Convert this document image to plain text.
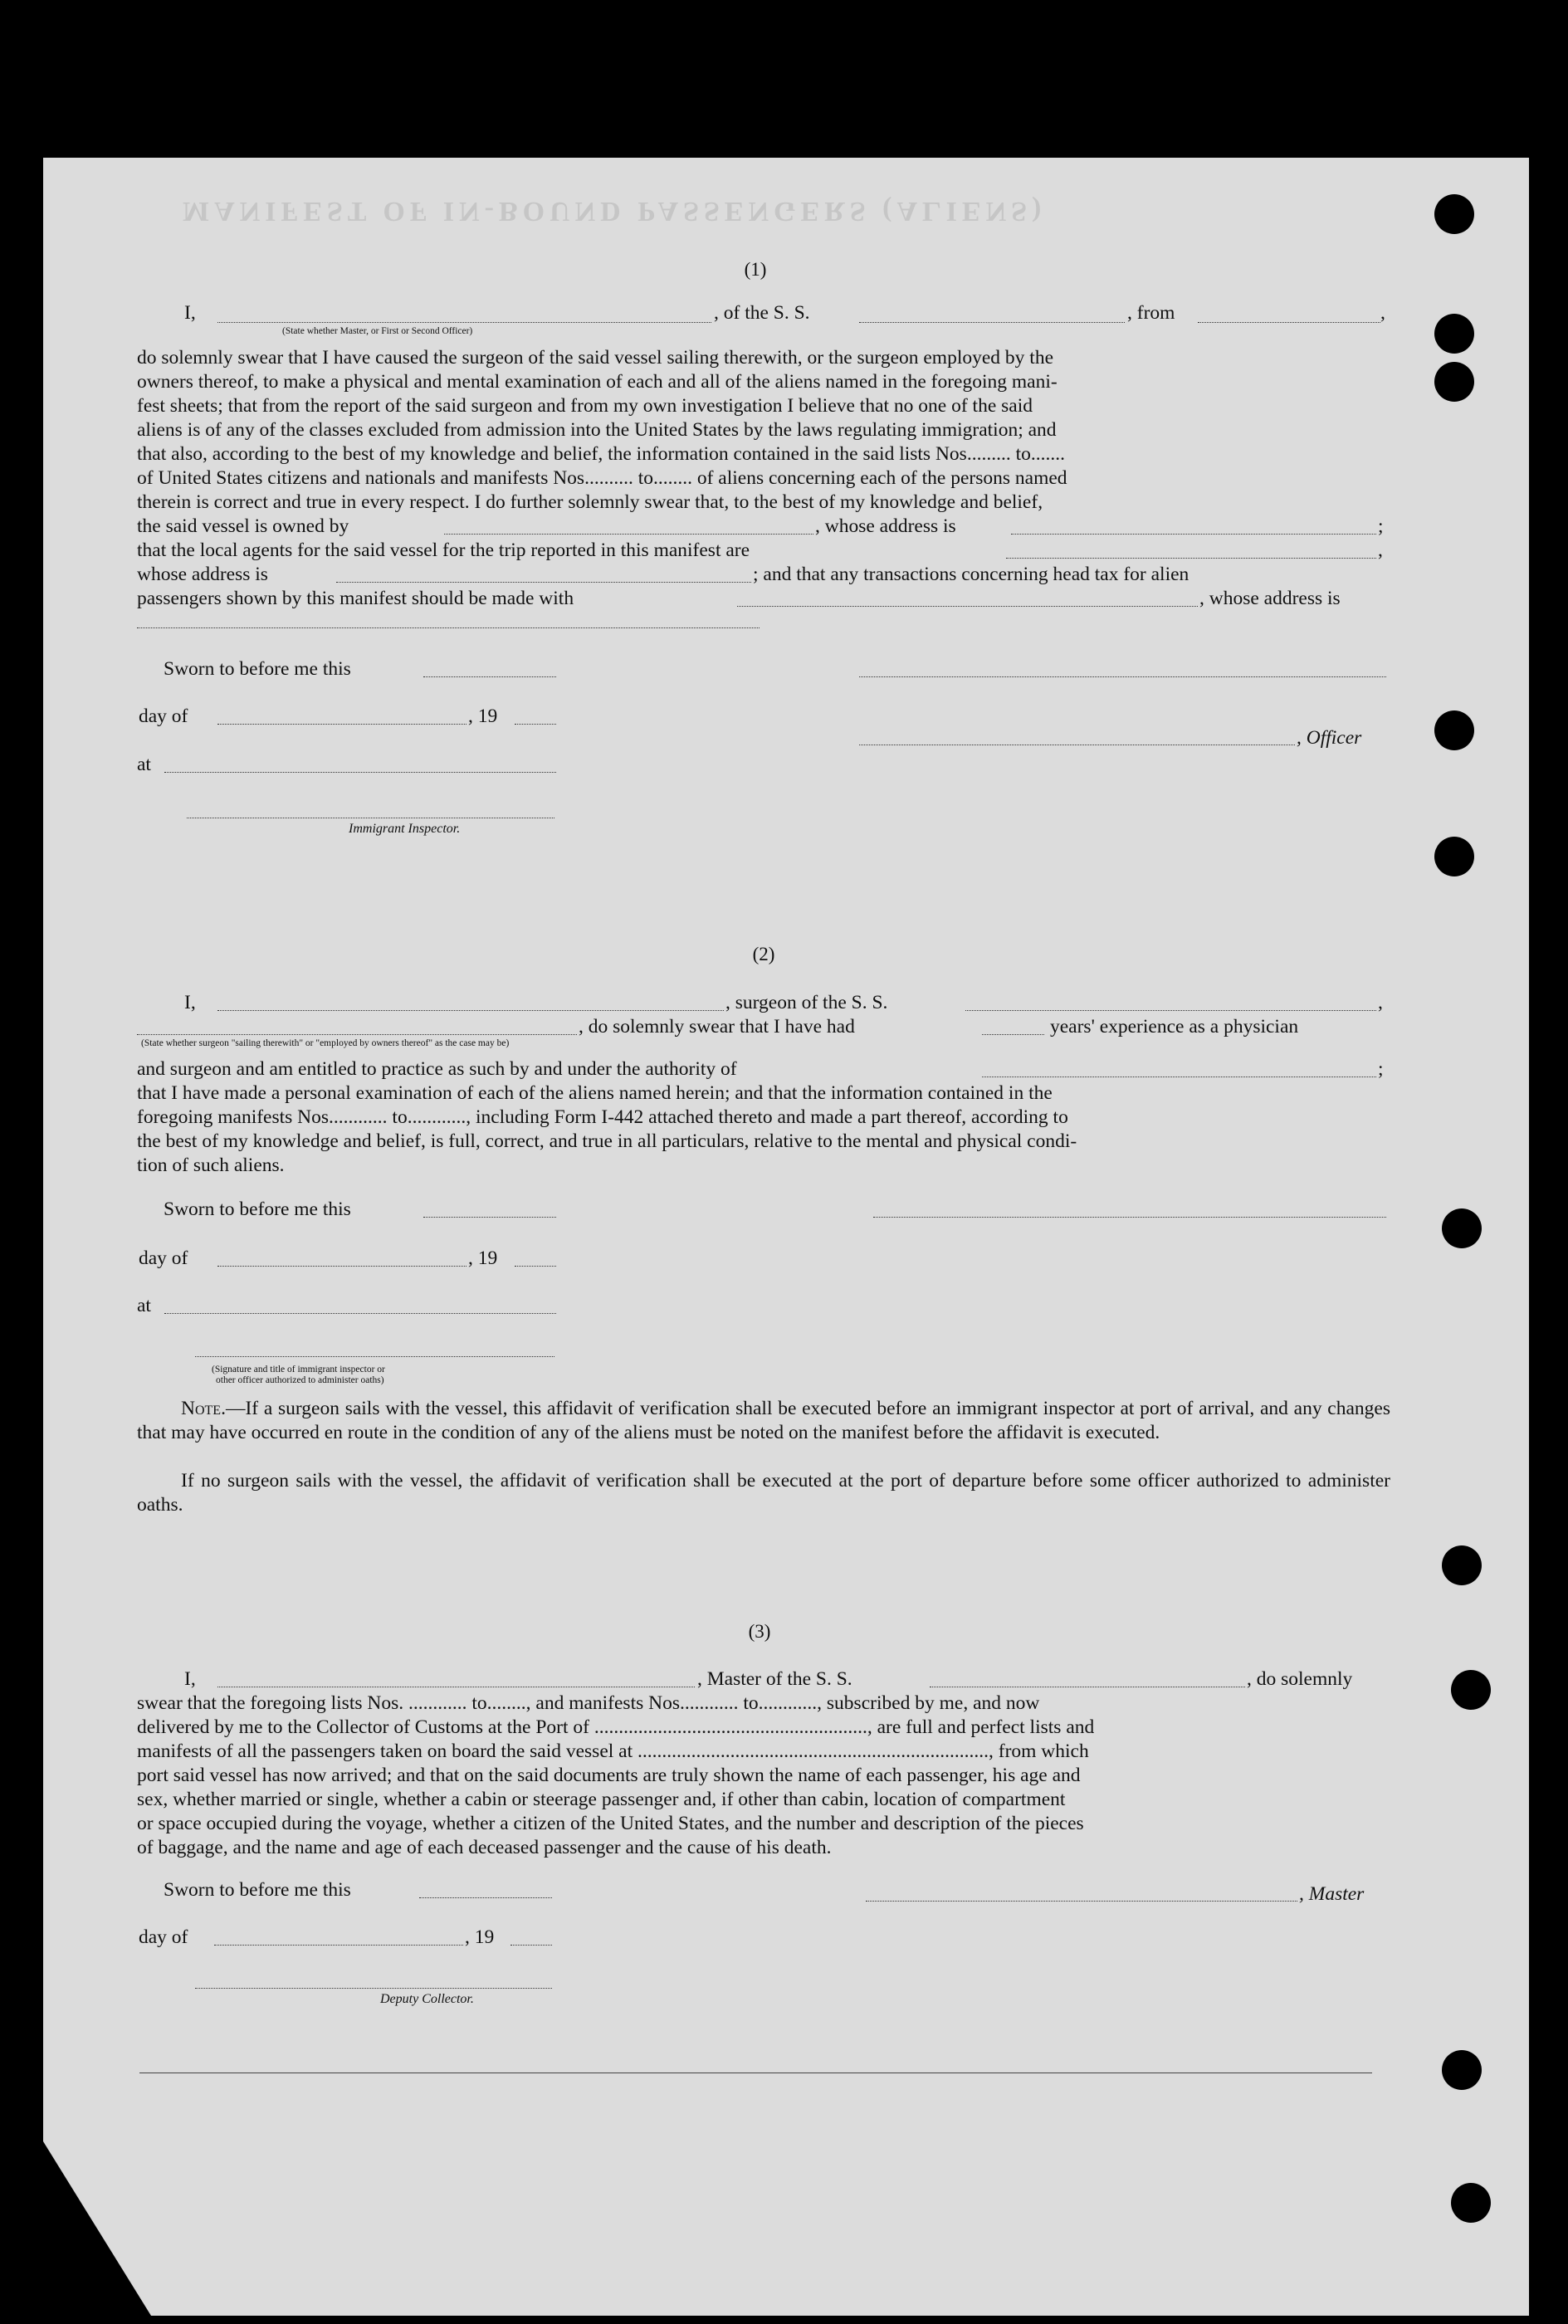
MANIFEST OF IN-BOUND PASSENGERS (ALIENS)
(1)
I,	, of the S. S.	, from	,
(State whether Master, or First or Second Officer)
do solemnly swear that I have caused the surgeon of the said vessel sailing therewith, or the surgeon employed by the
owners thereof, to make a physical and mental examination of each and all of the aliens named in the foregoing mani-
fest sheets; that from the report of the said surgeon and from my own investigation I believe that no one of the said
aliens is of any of the classes excluded from admission into the United States by the laws regulating immigration; and
that also, according to the best of my knowledge and belief, the information contained in the said lists Nos......... to.......
of United States citizens and nationals and manifests Nos.......... to........ of aliens concerning each of the persons named
therein is correct and true in every respect. I do further solemnly swear that, to the best of my knowledge and belief,
the said vessel is owned by	, whose address is	;
that the local agents for the said vessel for the trip reported in this manifest are	,
whose address is	; and that any transactions concerning head tax for alien
passengers shown by this manifest should be made with	, whose address is
Sworn to before me this
day of	, 19
, Officer
at
Immigrant Inspector.
(2)
I,	, surgeon of the S. S.	,
, do solemnly swear that I have had	years' experience as a physician
(State whether surgeon "sailing therewith" or "employed by owners thereof" as the case may be)
and surgeon and am entitled to practice as such by and under the authority of	;
that I have made a personal examination of each of the aliens named herein; and that the information contained in the
foregoing manifests Nos............ to............, including Form I-442 attached thereto and made a part thereof, according to
the best of my knowledge and belief, is full, correct, and true in all particulars, relative to the mental and physical condi-
tion of such aliens.
Sworn to before me this
day of	, 19
at
(Signature and title of immigrant inspector or
other officer authorized to administer oaths)
Note.—If a surgeon sails with the vessel, this affidavit of verification shall be executed before an immigrant inspector at port of arrival, and any changes that may have occurred en route in the condition of any of the aliens must be noted on the manifest before the affidavit is executed.
If no surgeon sails with the vessel, the affidavit of verification shall be executed at the port of departure before some officer authorized to administer oaths.
(3)
I,	, Master of the S. S.	, do solemnly
swear that the foregoing lists Nos. ............ to........, and manifests Nos............ to............, subscribed by me, and now
delivered by me to the Collector of Customs at the Port of ........................................................, are full and perfect lists and
manifests of all the passengers taken on board the said vessel at ........................................................................, from which
port said vessel has now arrived; and that on the said documents are truly shown the name of each passenger, his age and
sex, whether married or single, whether a cabin or steerage passenger and, if other than cabin, location of compartment
or space occupied during the voyage, whether a citizen of the United States, and the number and description of the pieces
of baggage, and the name and age of each deceased passenger and the cause of his death.
Sworn to before me this	, Master
day of	, 19
Deputy Collector.
